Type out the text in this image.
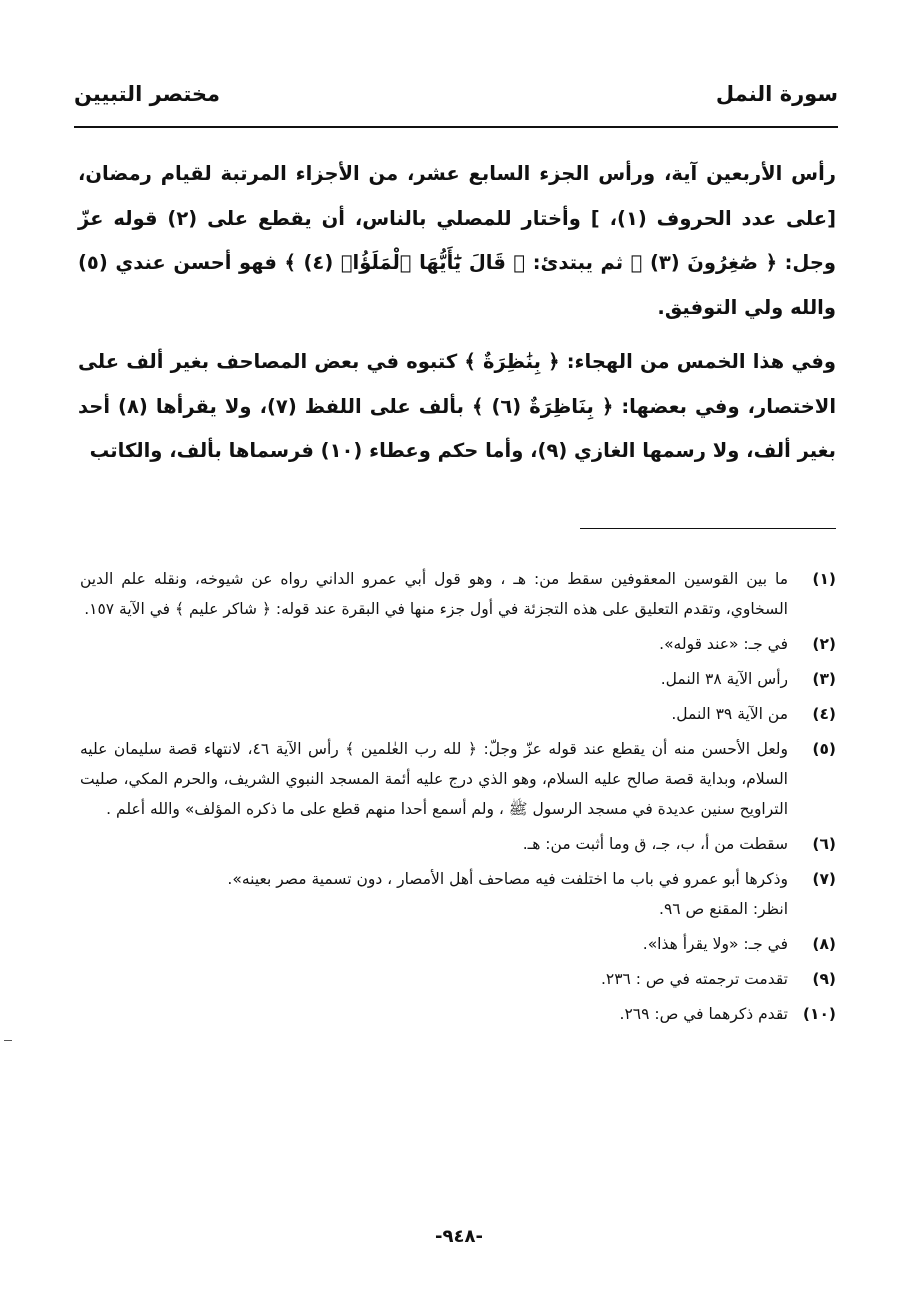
سورة النمل
مختصر التبيين

رأس الأربعين آية، ورأس الجزء السابع عشر، من الأجزاء المرتبة لقيام رمضان، [على عدد الحروف (١)، ] وأختار للمصلي بالناس، أن يقطع على (٢) قوله عزّ وجل: ﴿ صَٰغِرُونَ (٣) ﴾ ثم يبتدئ: ﴿ قَالَ يَٰٓأَيُّهَا ٱلْمَلَؤُا۟ (٤) ﴾ فهو أحسن عندي (٥) والله ولي التوفيق.

وفي هذا الخمس من الهجاء: ﴿ بِنَٰظِرَةٌ ﴾ كتبوه في بعض المصاحف بغير ألف على الاختصار، وفي بعضها: ﴿ بِنَاظِرَةٌ (٦) ﴾ بألف على اللفظ (٧)، ولا يقرأها (٨) أحد بغير ألف، ولا رسمها الغازي (٩)، وأما حكم وعطاء (١٠) فرسماها بألف، والكاتب

(١)
ما بين القوسين المعقوفين سقط من: هـ ، وهو قول أبي عمرو الداني رواه عن شيوخه، ونقله علم الدين السخاوي، وتقدم التعليق على هذه التجزئة في أول جزء منها في البقرة عند قوله: ﴿ شاكر عليم ﴾ في الآية ١٥٧.
(٢)
في جـ: «عند قوله».
(٣)
رأس الآية ٣٨ النمل.
(٤)
من الآية ٣٩ النمل.
(٥)
ولعل الأحسن منه أن يقطع عند قوله عزّ وجلّ: ﴿ لله رب العٰلمين ﴾ رأس الآية ٤٦، لانتهاء قصة سليمان عليه السلام، وبداية قصة صالح عليه السلام، وهو الذي درج عليه أئمة المسجد النبوي الشريف، والحرم المكي، صليت التراويح سنين عديدة في مسجد الرسول ﷺ ، ولم أسمع أحدا منهم قطع على ما ذكره المؤلف» والله أعلم .
(٦)
سقطت من أ، ب، جـ، ق وما أثبت من: هـ.
(٧)
وذكرها أبو عمرو في باب ما اختلفت فيه مصاحف أهل الأمصار ، دون تسمية مصر بعينه».
انظر: المقنع ص ٩٦.
(٨)
في جـ: «ولا يقرأ هذا».
(٩)
تقدمت ترجمته في ص : ٢٣٦.
(١٠)
تقدم ذكرهما في ص: ٢٦٩.
-٩٤٨-
